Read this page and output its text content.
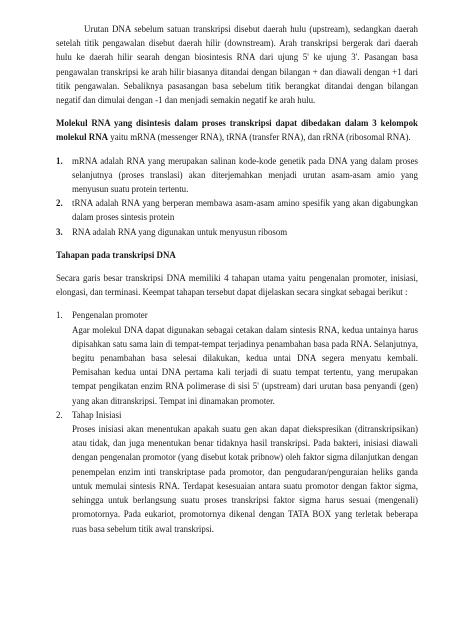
Urutan DNA sebelum satuan transkripsi disebut daerah hulu (upstream), sedangkan daerah setelah titik pengawalan disebut daerah hilir (downstream). Arah transkripsi bergerak dari daerah hulu ke daerah hilir searah dengan biosintesis RNA dari ujung 5' ke ujung 3'. Pasangan basa pengawalan transkripsi ke arah hilir biasanya ditandai dengan bilangan + dan diawali dengan +1 dari titik pengawalan. Sebaliknya pasasangan basa sebelum titik berangkat ditandai dengan bilangan negatif dan dimulai dengan -1 dan menjadi semakin negatif ke arah hulu.

Molekul RNA yang disintesis dalam proses transkripsi dapat dibedakan dalam 3 kelompok molekul RNA yaitu mRNA (messenger RNA), tRNA (transfer RNA), dan rRNA (ribosomal RNA).

1. mRNA adalah RNA yang merupakan salinan kode-kode genetik pada DNA yang dalam proses selanjutnya (proses translasi) akan diterjemahkan menjadi urutan asam-asam amio yang menyusun suatu protein tertentu.
2. tRNA adalah RNA yang berperan membawa asam-asam amino spesifik yang akan digabungkan dalam proses sintesis protein
3. RNA adalah RNA yang digunakan untuk menyusun ribosom

Tahapan pada transkripsi DNA

Secara garis besar transkripsi DNA memiliki 4 tahapan utama yaitu pengenalan promoter, inisiasi, elongasi, dan terminasi. Keempat tahapan tersebut dapat dijelaskan secara singkat sebagai berikut :

1. Pengenalan promoter
Agar molekul DNA dapat digunakan sebagai cetakan dalam sintesis RNA, kedua untainya harus dipisahkan satu sama lain di tempat-tempat terjadinya penambahan basa pada RNA. Selanjutnya, begitu penambahan basa selesai dilakukan, kedua untai DNA segera menyatu kembali. Pemisahan kedua untai DNA pertama kali terjadi di suatu tempat tertentu, yang merupakan tempat pengikatan enzim RNA polimerase di sisi 5' (upstream) dari urutan basa penyandi (gen) yang akan ditranskripsi. Tempat ini dinamakan promoter.
2. Tahap Inisiasi
Proses inisiasi akan menentukan apakah suatu gen akan dapat diekspresikan (ditranskripsikan) atau tidak, dan juga menentukan benar tidaknya hasil transkripsi. Pada bakteri, inisiasi diawali dengan pengenalan promotor (yang disebut kotak pribnow) oleh faktor sigma dilanjutkan dengan penempelan enzim inti transkriptase pada promotor, dan pengudaran/penguraian heliks ganda untuk memulai sintesis RNA. Terdapat kesesuaian antara suatu promotor dengan faktor sigma, sehingga untuk berlangsung suatu proses transkripsi faktor sigma harus sesuai (mengenali) promotornya. Pada eukariot, promotornya dikenal dengan TATA BOX yang terletak beberapa ruas basa sebelum titik awal transkripsi.
